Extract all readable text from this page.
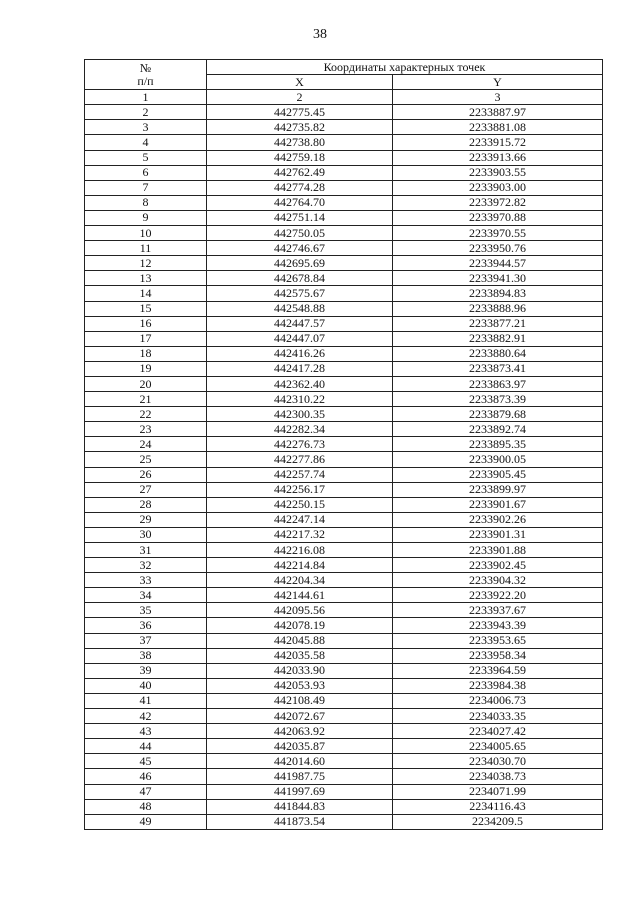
38
№
п/п	Координаты характерных точек	
	X	Y
1	2	3
2	442775.45	2233887.97
3	442735.82	2233881.08
4	442738.80	2233915.72
5	442759.18	2233913.66
6	442762.49	2233903.55
7	442774.28	2233903.00
8	442764.70	2233972.82
9	442751.14	2233970.88
10	442750.05	2233970.55
11	442746.67	2233950.76
12	442695.69	2233944.57
13	442678.84	2233941.30
14	442575.67	2233894.83
15	442548.88	2233888.96
16	442447.57	2233877.21
17	442447.07	2233882.91
18	442416.26	2233880.64
19	442417.28	2233873.41
20	442362.40	2233863.97
21	442310.22	2233873.39
22	442300.35	2233879.68
23	442282.34	2233892.74
24	442276.73	2233895.35
25	442277.86	2233900.05
26	442257.74	2233905.45
27	442256.17	2233899.97
28	442250.15	2233901.67
29	442247.14	2233902.26
30	442217.32	2233901.31
31	442216.08	2233901.88
32	442214.84	2233902.45
33	442204.34	2233904.32
34	442144.61	2233922.20
35	442095.56	2233937.67
36	442078.19	2233943.39
37	442045.88	2233953.65
38	442035.58	2233958.34
39	442033.90	2233964.59
40	442053.93	2233984.38
41	442108.49	2234006.73
42	442072.67	2234033.35
43	442063.92	2234027.42
44	442035.87	2234005.65
45	442014.60	2234030.70
46	441987.75	2234038.73
47	441997.69	2234071.99
48	441844.83	2234116.43
49	441873.54	2234209.5
